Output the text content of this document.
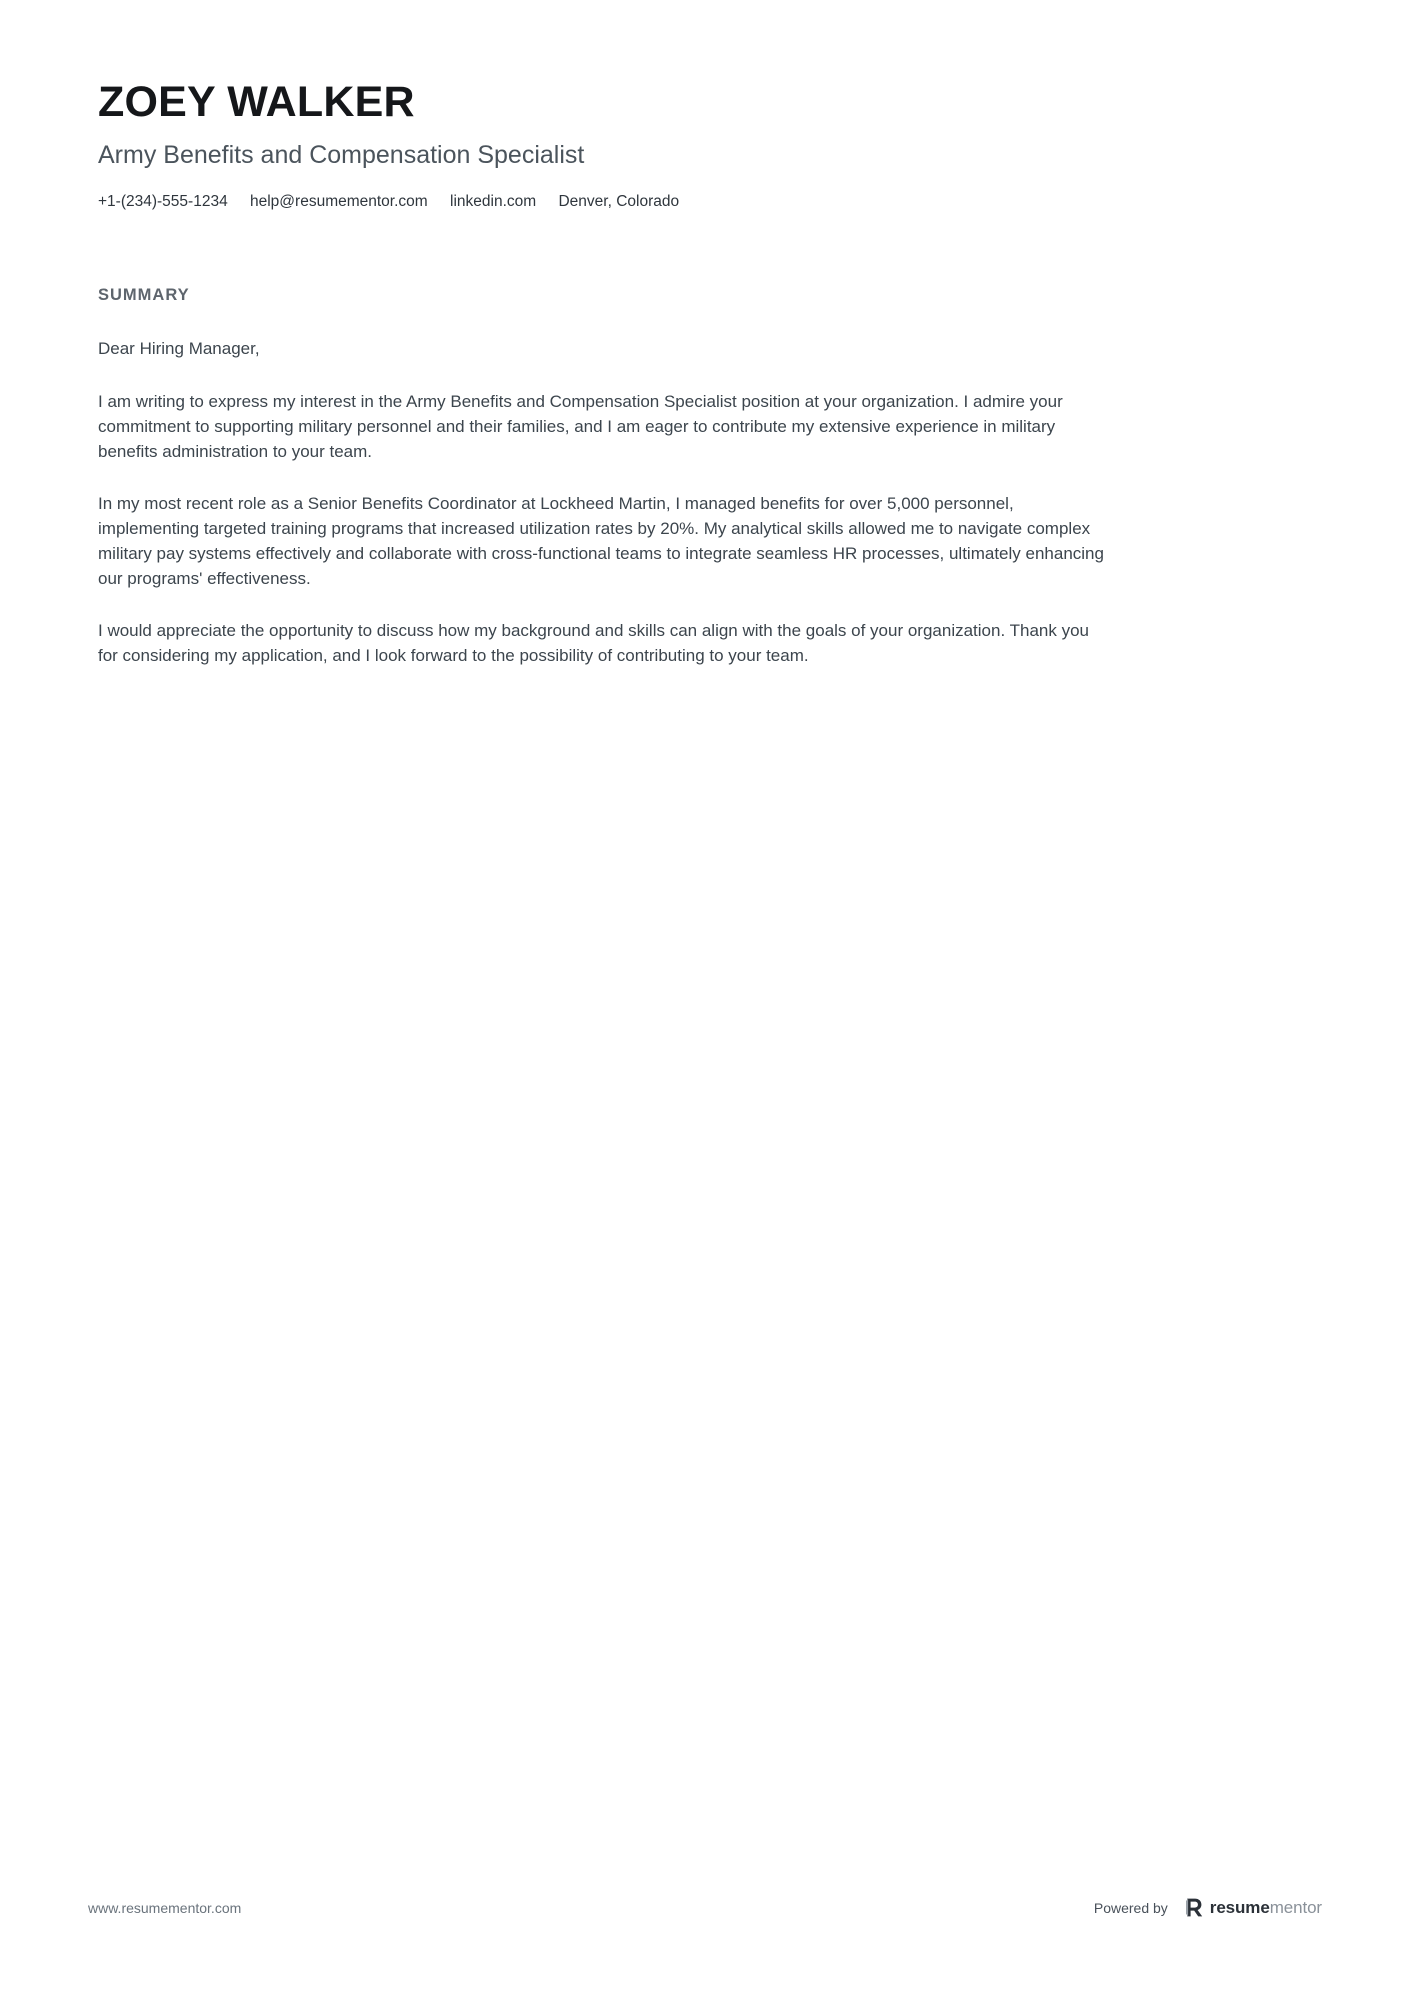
ZOEY WALKER
Army Benefits and Compensation Specialist
+1-(234)-555-1234 help@resumementor.com linkedin.com Denver, Colorado
SUMMARY

Dear Hiring Manager,

I am writing to express my interest in the Army Benefits and Compensation Specialist position at your organization. I admire your commitment to supporting military personnel and their families, and I am eager to contribute my extensive experience in military benefits administration to your team.

In my most recent role as a Senior Benefits Coordinator at Lockheed Martin, I managed benefits for over 5,000 personnel, implementing targeted training programs that increased utilization rates by 20%. My analytical skills allowed me to navigate complex military pay systems effectively and collaborate with cross-functional teams to integrate seamless HR processes, ultimately enhancing our programs' effectiveness.

I would appreciate the opportunity to discuss how my background and skills can align with the goals of your organization. Thank you for considering my application, and I look forward to the possibility of contributing to your team.

www.resumementor.com	Powered by resumementor
